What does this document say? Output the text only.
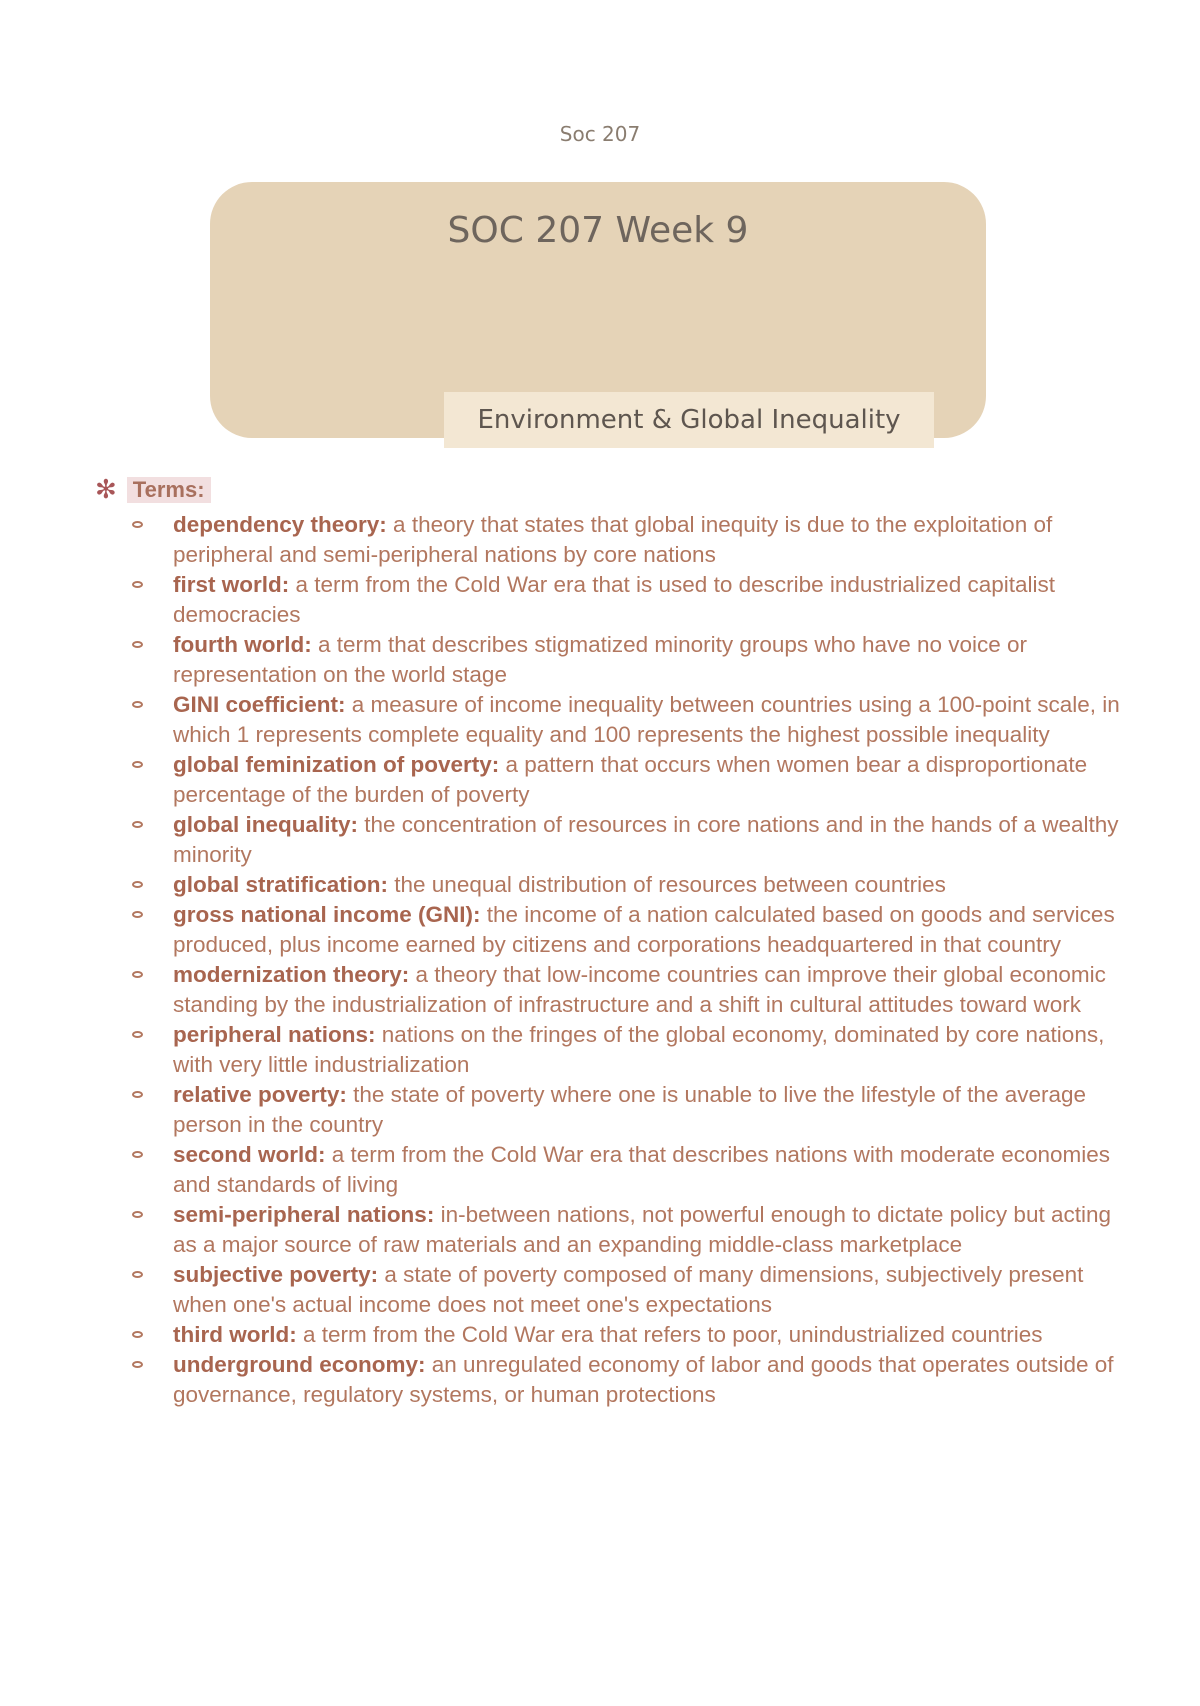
Soc 207
SOC 207 Week 9
Environment & Global Inequality
✻ Terms:
dependency theory: a theory that states that global inequity is due to the exploitation of peripheral and semi-peripheral nations by core nations
first world: a term from the Cold War era that is used to describe industrialized capitalist democracies
fourth world: a term that describes stigmatized minority groups who have no voice or representation on the world stage
GINI coefficient: a measure of income inequality between countries using a 100-point scale, in which 1 represents complete equality and 100 represents the highest possible inequality
global feminization of poverty: a pattern that occurs when women bear a disproportionate percentage of the burden of poverty
global inequality: the concentration of resources in core nations and in the hands of a wealthy minority
global stratification: the unequal distribution of resources between countries
gross national income (GNI): the income of a nation calculated based on goods and services produced, plus income earned by citizens and corporations headquartered in that country
modernization theory: a theory that low-income countries can improve their global economic standing by the industrialization of infrastructure and a shift in cultural attitudes toward work
peripheral nations: nations on the fringes of the global economy, dominated by core nations, with very little industrialization
relative poverty: the state of poverty where one is unable to live the lifestyle of the average person in the country
second world: a term from the Cold War era that describes nations with moderate economies and standards of living
semi-peripheral nations: in-between nations, not powerful enough to dictate policy but acting as a major source of raw materials and an expanding middle-class marketplace
subjective poverty: a state of poverty composed of many dimensions, subjectively present when one's actual income does not meet one's expectations
third world: a term from the Cold War era that refers to poor, unindustrialized countries
underground economy: an unregulated economy of labor and goods that operates outside of governance, regulatory systems, or human protections
